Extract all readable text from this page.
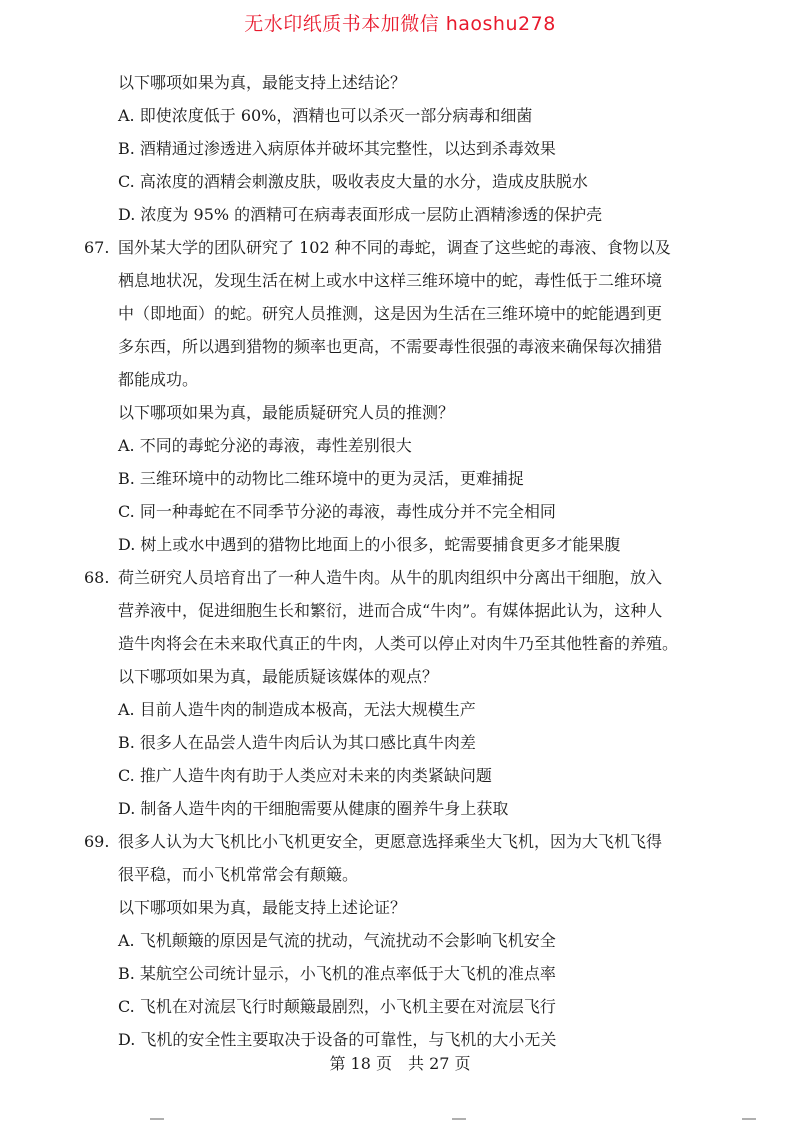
无水印纸质书本加微信 haoshu278
以下哪项如果为真，最能支持上述结论？
A. 即使浓度低于 60%，酒精也可以杀灭一部分病毒和细菌
B. 酒精通过渗透进入病原体并破坏其完整性，以达到杀毒效果
C. 高浓度的酒精会刺激皮肤，吸收表皮大量的水分，造成皮肤脱水
D. 浓度为 95% 的酒精可在病毒表面形成一层防止酒精渗透的保护壳
67. 国外某大学的团队研究了 102 种不同的毒蛇，调查了这些蛇的毒液、食物以及
栖息地状况，发现生活在树上或水中这样三维环境中的蛇，毒性低于二维环境
中（即地面）的蛇。研究人员推测，这是因为生活在三维环境中的蛇能遇到更
多东西，所以遇到猎物的频率也更高，不需要毒性很强的毒液来确保每次捕猎
都能成功。
以下哪项如果为真，最能质疑研究人员的推测？
A. 不同的毒蛇分泌的毒液，毒性差别很大
B. 三维环境中的动物比二维环境中的更为灵活，更难捕捉
C. 同一种毒蛇在不同季节分泌的毒液，毒性成分并不完全相同
D. 树上或水中遇到的猎物比地面上的小很多，蛇需要捕食更多才能果腹
68. 荷兰研究人员培育出了一种人造牛肉。从牛的肌肉组织中分离出干细胞，放入
营养液中，促进细胞生长和繁衍，进而合成“牛肉”。有媒体据此认为，这种人
造牛肉将会在未来取代真正的牛肉，人类可以停止对肉牛乃至其他牲畜的养殖。
以下哪项如果为真，最能质疑该媒体的观点？
A. 目前人造牛肉的制造成本极高，无法大规模生产
B. 很多人在品尝人造牛肉后认为其口感比真牛肉差
C. 推广人造牛肉有助于人类应对未来的肉类紧缺问题
D. 制备人造牛肉的干细胞需要从健康的圈养牛身上获取
69. 很多人认为大飞机比小飞机更安全，更愿意选择乘坐大飞机，因为大飞机飞得
很平稳，而小飞机常常会有颠簸。
以下哪项如果为真，最能支持上述论证？
A. 飞机颠簸的原因是气流的扰动，气流扰动不会影响飞机安全
B. 某航空公司统计显示，小飞机的准点率低于大飞机的准点率
C. 飞机在对流层飞行时颠簸最剧烈，小飞机主要在对流层飞行
D. 飞机的安全性主要取决于设备的可靠性，与飞机的大小无关
第 18 页　共 27 页
